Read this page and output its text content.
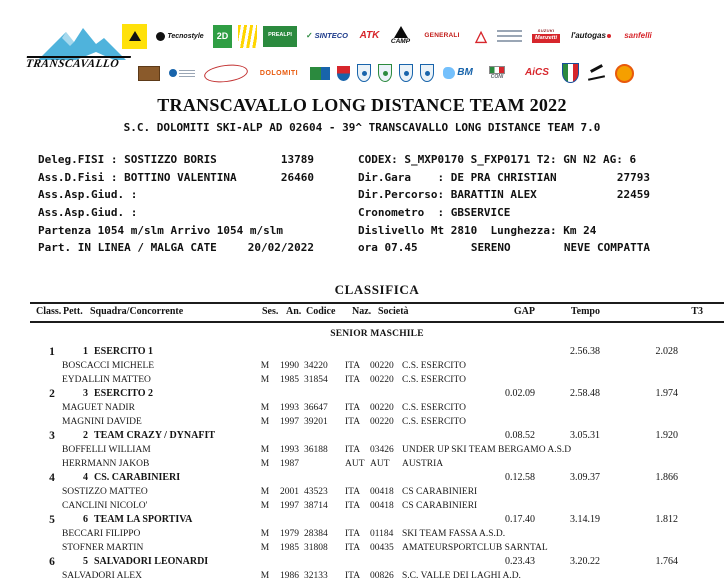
TRANSCAVALLO
Tecnostyle	2D	PREALPI	✓ SINTECO ATK
CAMP
GENERALI	△	SUZUKI
Manzetti	l'autogas	sanfelli
DOLOMITI	BM	CONI	AiCS
TRANSCAVALLO LONG DISTANCE TEAM 2022
S.C. DOLOMITI SKI-ALP AD 02604 - 39^ TRANSCAVALLO LONG DISTANCE TEAM 7.0
Deleg.FISI : SOSTIZZO BORIS	13789
Ass.D.Fisi : BOTTINO VALENTINA	26460
Ass.Asp.Giud. :
Ass.Asp.Giud. :
Partenza 1054 m/slm Arrivo 1054 m/slm
Part. IN LINEA / MALGA CATE	20/02/2022
CODEX: S_MXP0170 S_FXP0171 T2: GN N2 AG: 6
Dir.Gara    : DE PRA CHRISTIAN	27793
Dir.Percorso: BARATTIN ALEX	22459
Cronometro  : GBSERVICE
Dislivello Mt 2810  Lunghezza: Km 24
ora 07.45	SERENO	NEVE COMPATTA
CLASSIFICA
Class. Pett. Squadra/Concorrente	Ses. An. Codice Naz. Società	GAP	Tempo	T3
SENIOR MASCHILE
1	1 ESERCITO 1	2.56.38	2.028
BOSCACCI MICHELE	M	1990 34220	ITA	00220 C.S. ESERCITO
EYDALLIN MATTEO	M	1985 31854	ITA	00220 C.S. ESERCITO
2	3 ESERCITO 2	0.02.09	2.58.48	1.974
MAGUET NADIR	M	1993 36647	ITA	00220 C.S. ESERCITO
MAGNINI DAVIDE	M	1997 39201	ITA	00220 C.S. ESERCITO
3	2 TEAM CRAZY / DYNAFIT	0.08.52	3.05.31	1.920
BOFFELLI WILLIAM	M	1993 36188	ITA	03426 UNDER UP SKI TEAM BERGAMO A.S.D
HERRMANN JAKOB	M	1987	AUT AUT	AUSTRIA
4	4 CS. CARABINIERI	0.12.58	3.09.37	1.866
SOSTIZZO MATTEO	M	2001 43523	ITA	00418 CS CARABINIERI
CANCLINI NICOLO'	M	1997 38714	ITA	00418 CS CARABINIERI
5	6 TEAM LA SPORTIVA	0.17.40	3.14.19	1.812
BECCARI FILIPPO	M	1979 28384	ITA	01184 SKI TEAM FASSA A.S.D.
STOFNER MARTIN	M	1985 31808	ITA	00435 AMATEURSPORTCLUB SARNTAL
6	5 SALVADORI LEONARDI	0.23.43	3.20.22	1.764
SALVADORI ALEX	M	1986 32133	ITA	00826 S.C. VALLE DEI LAGHI A.D.
